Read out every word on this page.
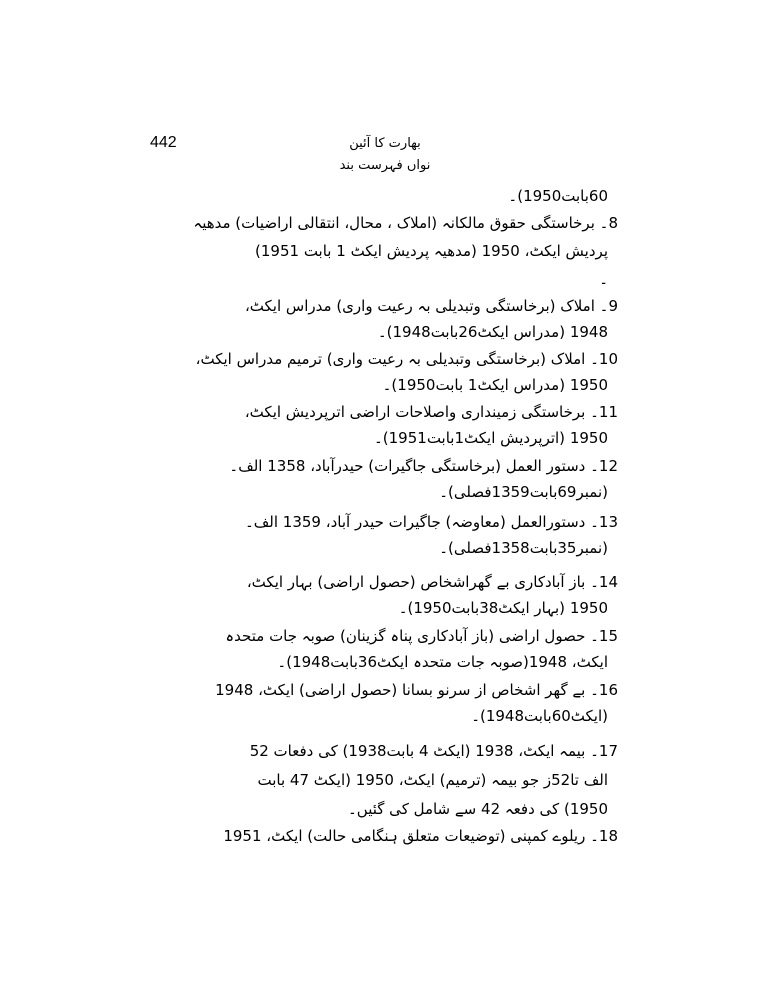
442	بھارت کا آئین
نواں فہرست بند
60بابت1950)۔
8۔ برخاستگی حقوق مالکانہ (املاک ، محال، انتقالی اراضیات) مدھیہ
پردیش ایکٹ، 1950 (مدھیہ پردیش ایکٹ 1 بابت 1951)
۔
9۔ املاک (برخاستگی وتبدیلی بہ رعیت واری) مدراس ایکٹ،
1948 (مدراس ایکٹ26بابت1948)۔
10۔ املاک (برخاستگی وتبدیلی بہ رعیت واری) ترمیم مدراس ایکٹ،
1950 (مدراس ایکٹ1 بابت1950)۔
11۔ برخاستگی زمینداری واصلاحات اراضی اترپردیش ایکٹ،
1950 (اترپردیش ایکٹ1بابت1951)۔
12۔ دستور العمل (برخاستگی جاگیرات) حیدرآباد، 1358 الف۔
(نمبر69بابت1359فصلی)۔
13۔ دستورالعمل (معاوضہ) جاگیرات حیدر آباد، 1359 الف۔
(نمبر35بابت1358فصلی)۔
14۔ باز آبادکاری بے گھراشخاص (حصول اراضی) بہار ایکٹ،
1950 (بہار ایکٹ38بابت1950)۔
15۔ حصول اراضی (باز آبادکاری پناہ گزینان) صوبہ جات متحدہ
ایکٹ، 1948(صوبہ جات متحدہ ایکٹ36بابت1948)۔
16۔ بے گھر اشخاص از سرنو بسانا (حصول اراضی) ایکٹ، 1948
(ایکٹ60بابت1948)۔
17۔ بیمہ ایکٹ، 1938 (ایکٹ 4 بابت1938) کی دفعات 52
الف تا52ز جو بیمہ (ترمیم) ایکٹ، 1950 (ایکٹ 47 بابت
1950) کی دفعہ 42 سے شامل کی گئیں۔
18۔ ریلوے کمپنی (توضیعات متعلق ہنگامی حالت) ایکٹ، 1951
